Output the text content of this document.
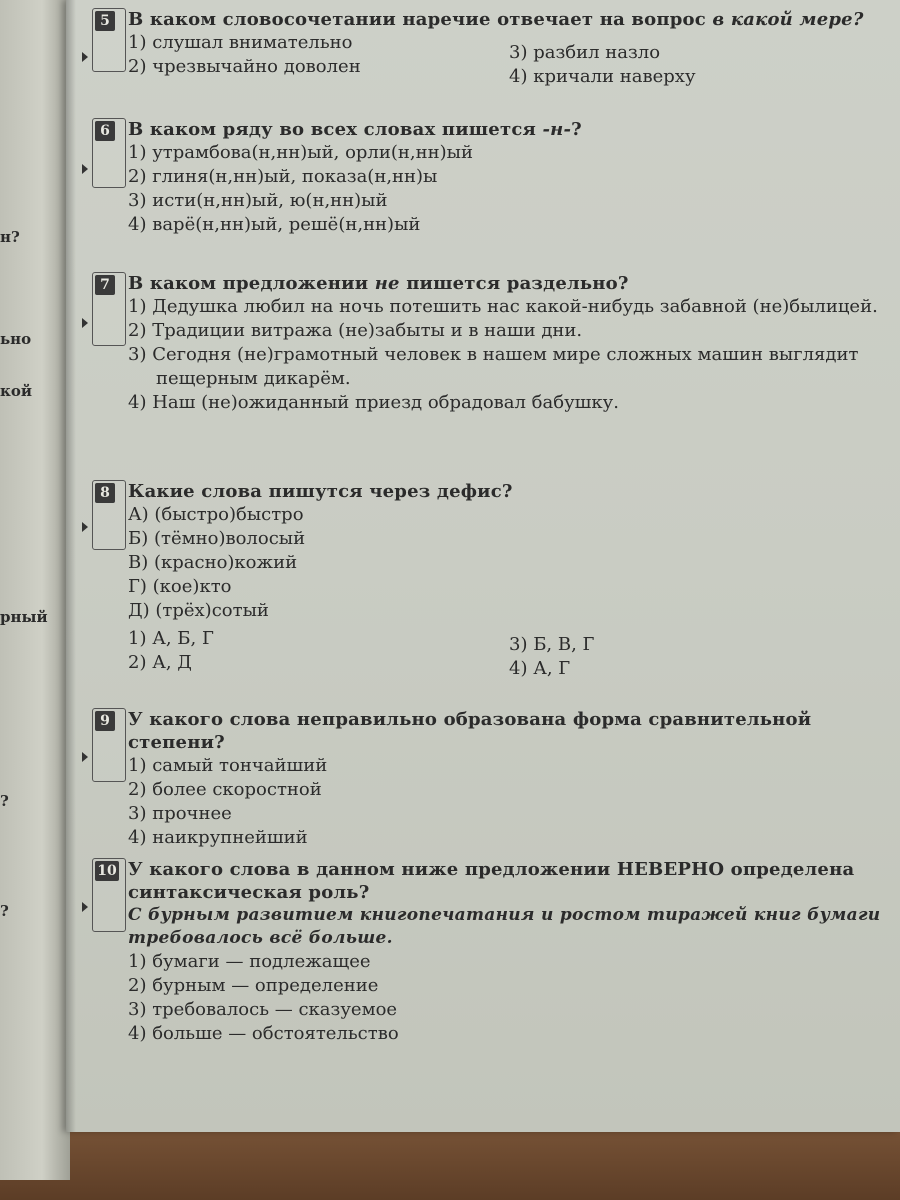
н?
ьно
кой
рный
?
?
5 В каком словосочетании наречие отвечает на вопрос в какой мере?
1) слушал внимательно
2) чрезвычайно доволен
3) разбил назло
4) кричали наверху
6 В каком ряду во всех словах пишется -н-?
1) утрамбова(н,нн)ый, орли(н,нн)ый
2) глиня(н,нн)ый, показа(н,нн)ы
3) исти(н,нн)ый, ю(н,нн)ый
4) варё(н,нн)ый, решё(н,нн)ый
7 В каком предложении не пишется раздельно?
1) Дедушка любил на ночь потешить нас какой-нибудь забавной (не)былицей.
2) Традиции витража (не)забыты и в наши дни.
3) Сегодня (не)грамотный человек в нашем мире сложных машин выглядит пещерным дикарём.
4) Наш (не)ожиданный приезд обрадовал бабушку.
8 Какие слова пишутся через дефис?
А) (быстро)быстро
Б) (тёмно)волосый
В) (красно)кожий
Г) (кое)кто
Д) (трёх)сотый
1) А, Б, Г
2) А, Д
3) Б, В, Г
4) А, Г
9 У какого слова неправильно образована форма сравнительной степени?
1) самый тончайший
2) более скоростной
3) прочнее
4) наикрупнейший
10 У какого слова в данном ниже предложении НЕВЕРНО определена синтаксическая роль?
С бурным развитием книгопечатания и ростом тиражей книг бумаги требовалось всё больше.
1) бумаги — подлежащее
2) бурным — определение
3) требовалось — сказуемое
4) больше — обстоятельство
